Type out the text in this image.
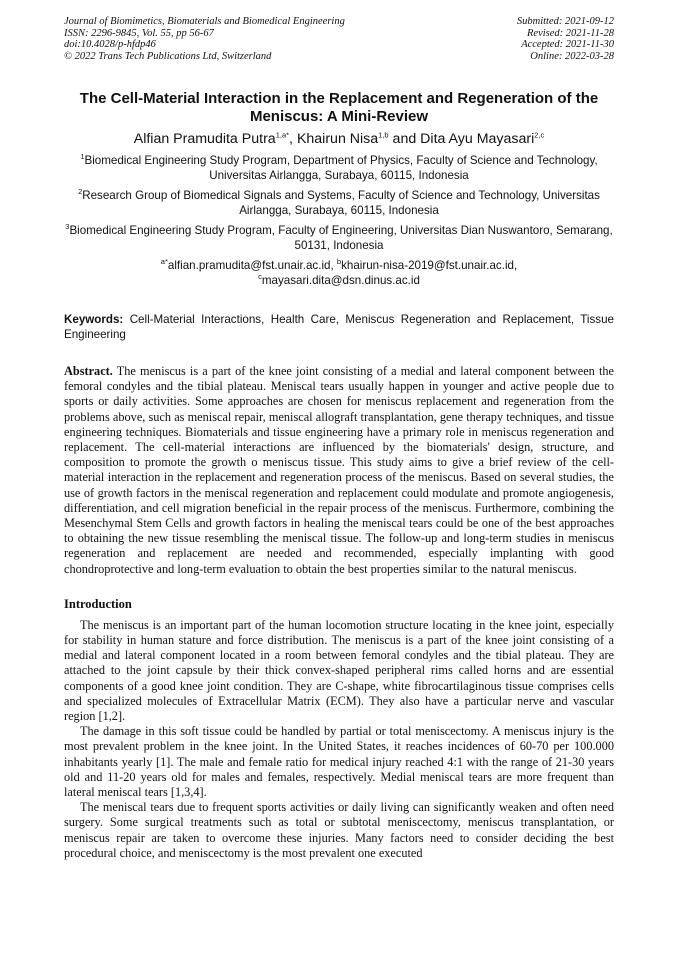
Journal of Biomimetics, Biomaterials and Biomedical Engineering
ISSN: 2296-9845, Vol. 55, pp 56-67
doi:10.4028/p-hfdp46
© 2022 Trans Tech Publications Ltd, Switzerland
Submitted: 2021-09-12
Revised: 2021-11-28
Accepted: 2021-11-30
Online: 2022-03-28
The Cell-Material Interaction in the Replacement and Regeneration of the Meniscus: A Mini-Review
Alfian Pramudita Putra$^{1,a*}$, Khairun Nisa$^{1,b}$ and Dita Ayu Mayasari$^{2,c}$
$^1$Biomedical Engineering Study Program, Department of Physics, Faculty of Science and Technology, Universitas Airlangga, Surabaya, 60115, Indonesia
$^2$Research Group of Biomedical Signals and Systems, Faculty of Science and Technology, Universitas Airlangga, Surabaya, 60115, Indonesia
$^3$Biomedical Engineering Study Program, Faculty of Engineering, Universitas Dian Nuswantoro, Semarang, 50131, Indonesia
$^{a*}$alfian.pramudita@fst.unair.ac.id, $^b$khairun-nisa-2019@fst.unair.ac.id,
$^c$mayasari.dita@dsn.dinus.ac.id
Keywords: Cell-Material Interactions, Health Care, Meniscus Regeneration and Replacement, Tissue Engineering
Abstract. The meniscus is a part of the knee joint consisting of a medial and lateral component between the femoral condyles and the tibial plateau. Meniscal tears usually happen in younger and active people due to sports or daily activities. Some approaches are chosen for meniscus replacement and regeneration from the problems above, such as meniscal repair, meniscal allograft transplantation, gene therapy techniques, and tissue engineering techniques. Biomaterials and tissue engineering have a primary role in meniscus regeneration and replacement. The cell-material interactions are influenced by the biomaterials' design, structure, and composition to promote the growth o meniscus tissue. This study aims to give a brief review of the cell-material interaction in the replacement and regeneration process of the meniscus. Based on several studies, the use of growth factors in the meniscal regeneration and replacement could modulate and promote angiogenesis, differentiation, and cell migration beneficial in the repair process of the meniscus. Furthermore, combining the Mesenchymal Stem Cells and growth factors in healing the meniscal tears could be one of the best approaches to obtaining the new tissue resembling the meniscal tissue. The follow-up and long-term studies in meniscus regeneration and replacement are needed and recommended, especially implanting with good chondroprotective and long-term evaluation to obtain the best properties similar to the natural meniscus.
Introduction

The meniscus is an important part of the human locomotion structure locating in the knee joint, especially for stability in human stature and force distribution. The meniscus is a part of the knee joint consisting of a medial and lateral component located in a room between femoral condyles and the tibial plateau. They are attached to the joint capsule by their thick convex-shaped peripheral rims called horns and are essential components of a good knee joint condition. They are C-shape, white fibrocartilaginous tissue comprises cells and specialized molecules of Extracellular Matrix (ECM). They also have a particular nerve and vascular region [1,2].

The damage in this soft tissue could be handled by partial or total meniscectomy. A meniscus injury is the most prevalent problem in the knee joint. In the United States, it reaches incidences of 60-70 per 100.000 inhabitants yearly [1]. The male and female ratio for medical injury reached 4:1 with the range of 21-30 years old and 11-20 years old for males and females, respectively. Medial meniscal tears are more frequent than lateral meniscal tears [1,3,4].

The meniscal tears due to frequent sports activities or daily living can significantly weaken and often need surgery. Some surgical treatments such as total or subtotal meniscectomy, meniscus transplantation, or meniscus repair are taken to overcome these injuries. Many factors need to consider deciding the best procedural choice, and meniscectomy is the most prevalent one executed
